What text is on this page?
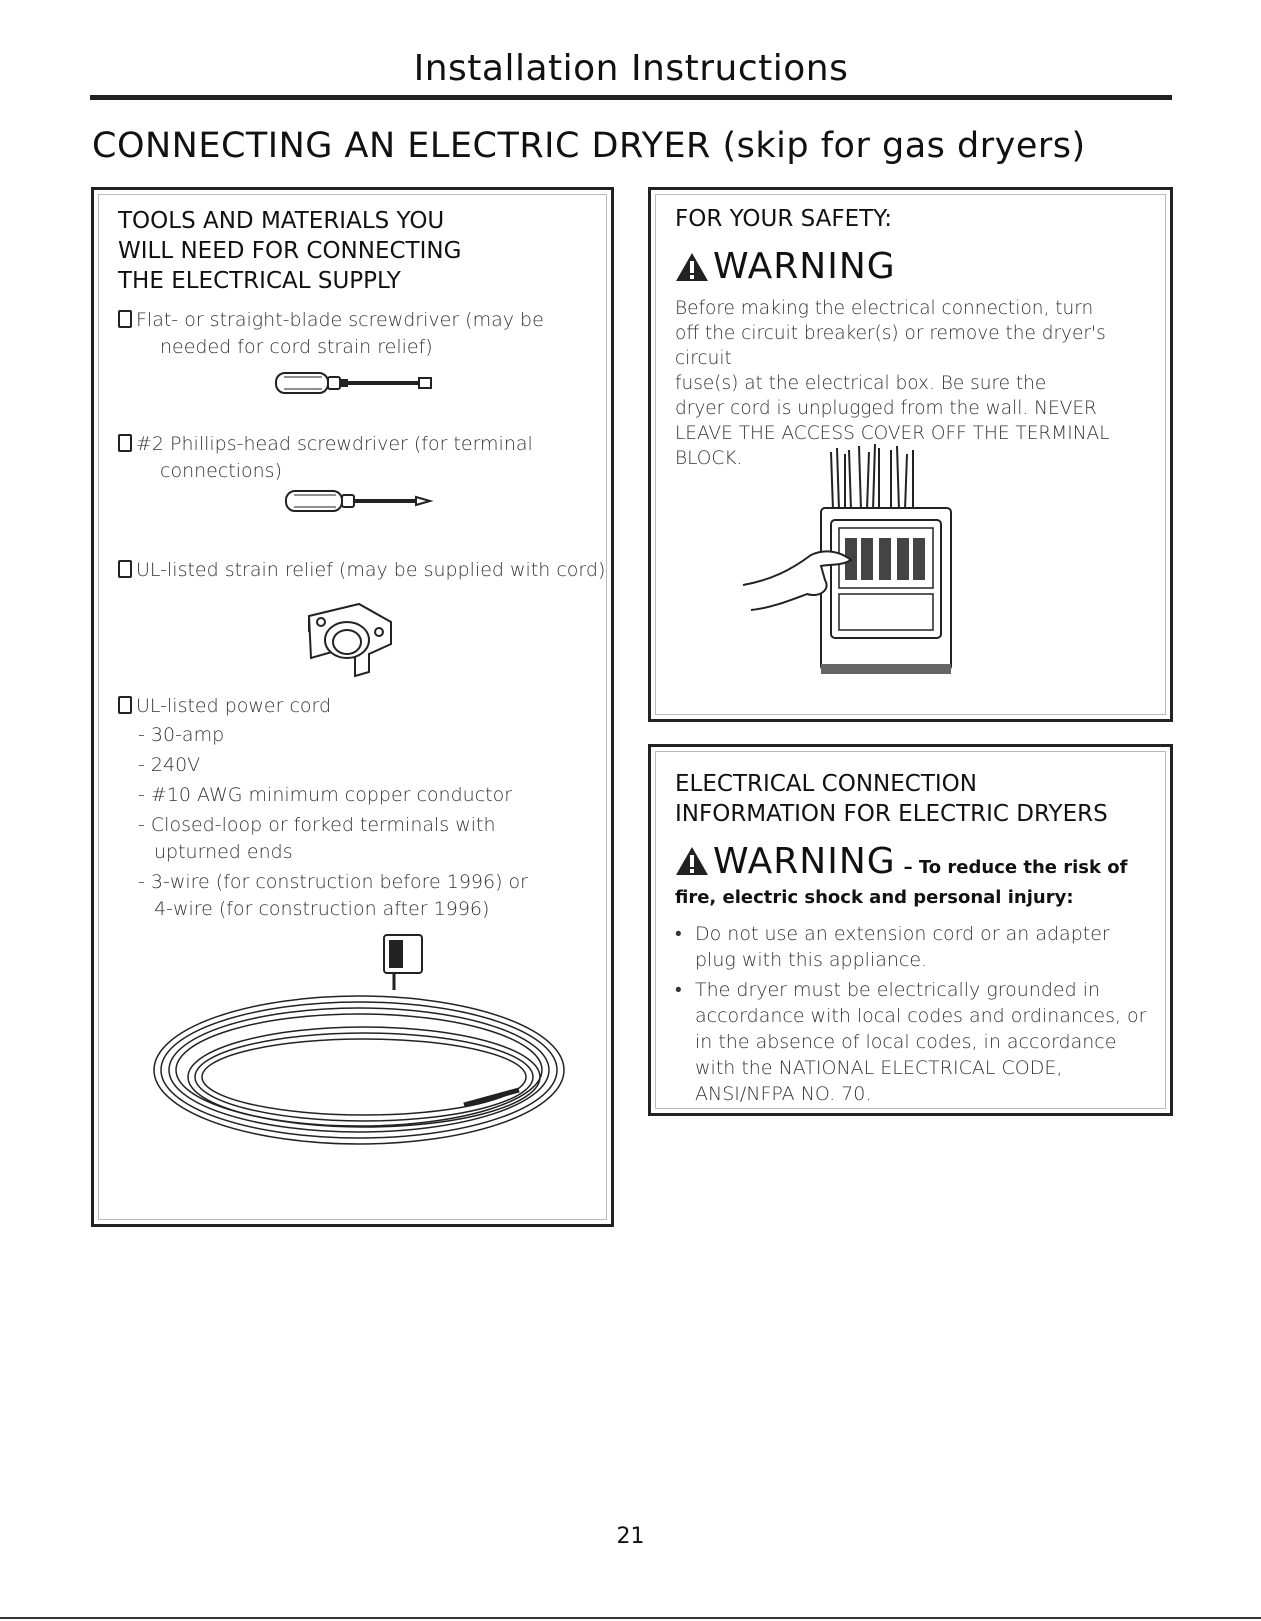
Installation Instructions
CONNECTING AN ELECTRIC DRYER (skip for gas dryers)

TOOLS AND MATERIALS YOU

WILL NEED FOR CONNECTING

THE ELECTRICAL SUPPLY

Flat- or straight-blade screwdriver (may be
needed for cord strain relief)
#2 Phillips-head screwdriver (for terminal
connections)
UL-listed strain relief (may be supplied with cord)
UL-listed power cord
- 30-amp
- 240V
- #10 AWG minimum copper conductor
- Closed-loop or forked terminals with upturned ends
- 3-wire (for construction before 1996) or 4-wire (for construction after 1996)

FOR YOUR SAFETY:

WARNING
Before making the electrical connection, turn
off the circuit breaker(s) or remove the dryer's circuit
fuse(s) at the electrical box. Be sure the
dryer cord is unplugged from the wall. NEVER
LEAVE THE ACCESS COVER OFF THE TERMINAL
BLOCK.

ELECTRICAL CONNECTION

INFORMATION FOR ELECTRIC DRYERS

WARNING – To reduce the risk of
fire, electric shock and personal injury:
• Do not use an extension cord or an adapter plug with this appliance.
• The dryer must be electrically grounded in accordance with local codes and ordinances, or in the absence of local codes, in accordance with the NATIONAL ELECTRICAL CODE, ANSI/NFPA NO. 70.
21
